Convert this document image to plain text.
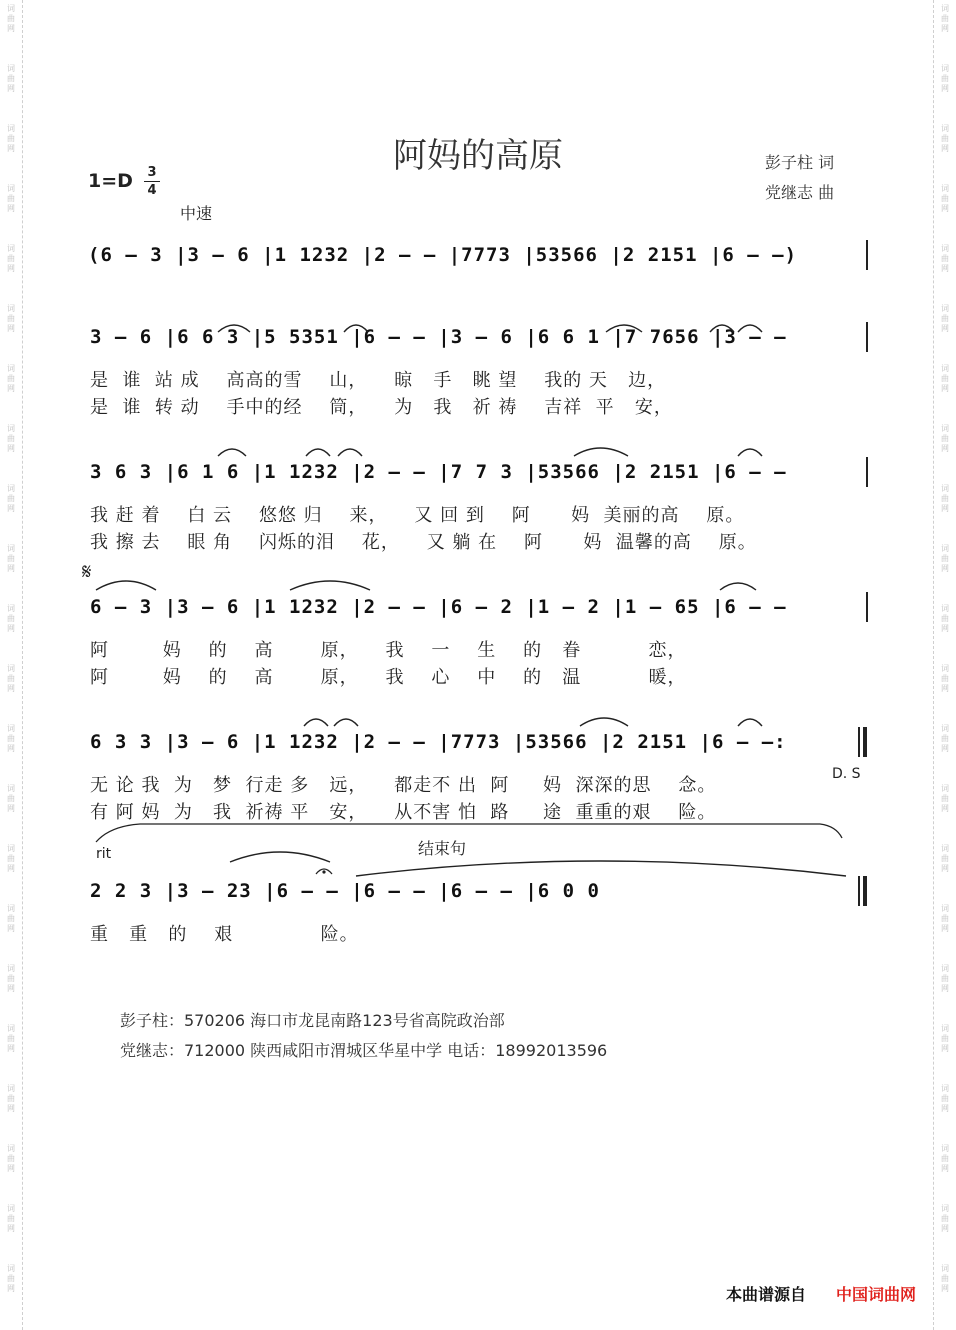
阿妈的高原	彭子柱 词
党继志 曲
1=D 3
4
中速
(6 – 3 |3 – 6 |1 1232 |2 – – |7773 |53566 |2 2151 |6 – –)
3 – 6 |6 6 3 |5 5351 |6 – – |3 – 6 |6 6 1 |7 7656 |3 – –
是  谁  站 成    高高的雪    山，    晾   手   眺 望    我的 天   边，
是  谁  转 动    手中的经    筒，    为   我   祈 祷    吉祥  平   安，
3 6 3 |6 1 6 |1 1232 |2 – – |7 7 3 |53566 |2 2151 |6 – –
我 赶 着    白 云    悠悠 归    来，    又 回 到    阿      妈  美丽的高    原。
我 擦 去    眼 角    闪烁的泪    花，    又 躺 在    阿      妈  温馨的高    原。
𝄋
6 – 3 |3 – 6 |1 1232 |2 – – |6 – 2 |1 – 2 |1 – 65 |6 – –
阿        妈    的    高       原，    我    一    生    的   眷          恋，
阿        妈    的    高       原，    我    心    中    的   温          暖，
6 3 3 |3 – 6 |1 1232 |2 – – |7773 |53566 |2 2151 |6 – –:
无 论 我  为   梦  行走 多   远，    都走不 出  阿     妈  深深的思    念。
有 阿 妈  为   我  祈祷 平   安，    从不害 怕  路     途  重重的艰    险。
D. S
rit	结束句
2 2 3 |3 – 23 |6 – – |6 – – |6 – – |6 0 0
重   重   的    艰             险。
彭子柱：570206 海口市龙昆南路123号省高院政治部
党继志：712000 陕西咸阳市渭城区华星中学 电话：18992013596
本曲谱源自 中国词曲网
词曲网
词曲网
词曲网
词曲网
词曲网
词曲网
词曲网
词曲网
词曲网
词曲网
词曲网
词曲网
词曲网
词曲网
词曲网
词曲网
词曲网
词曲网
词曲网
词曲网
词曲网
词曲网
词曲网
词曲网
词曲网
词曲网
词曲网
词曲网
词曲网
词曲网
词曲网
词曲网
词曲网
词曲网
词曲网
词曲网
词曲网
词曲网
词曲网
词曲网
词曲网
词曲网
词曲网
词曲网
